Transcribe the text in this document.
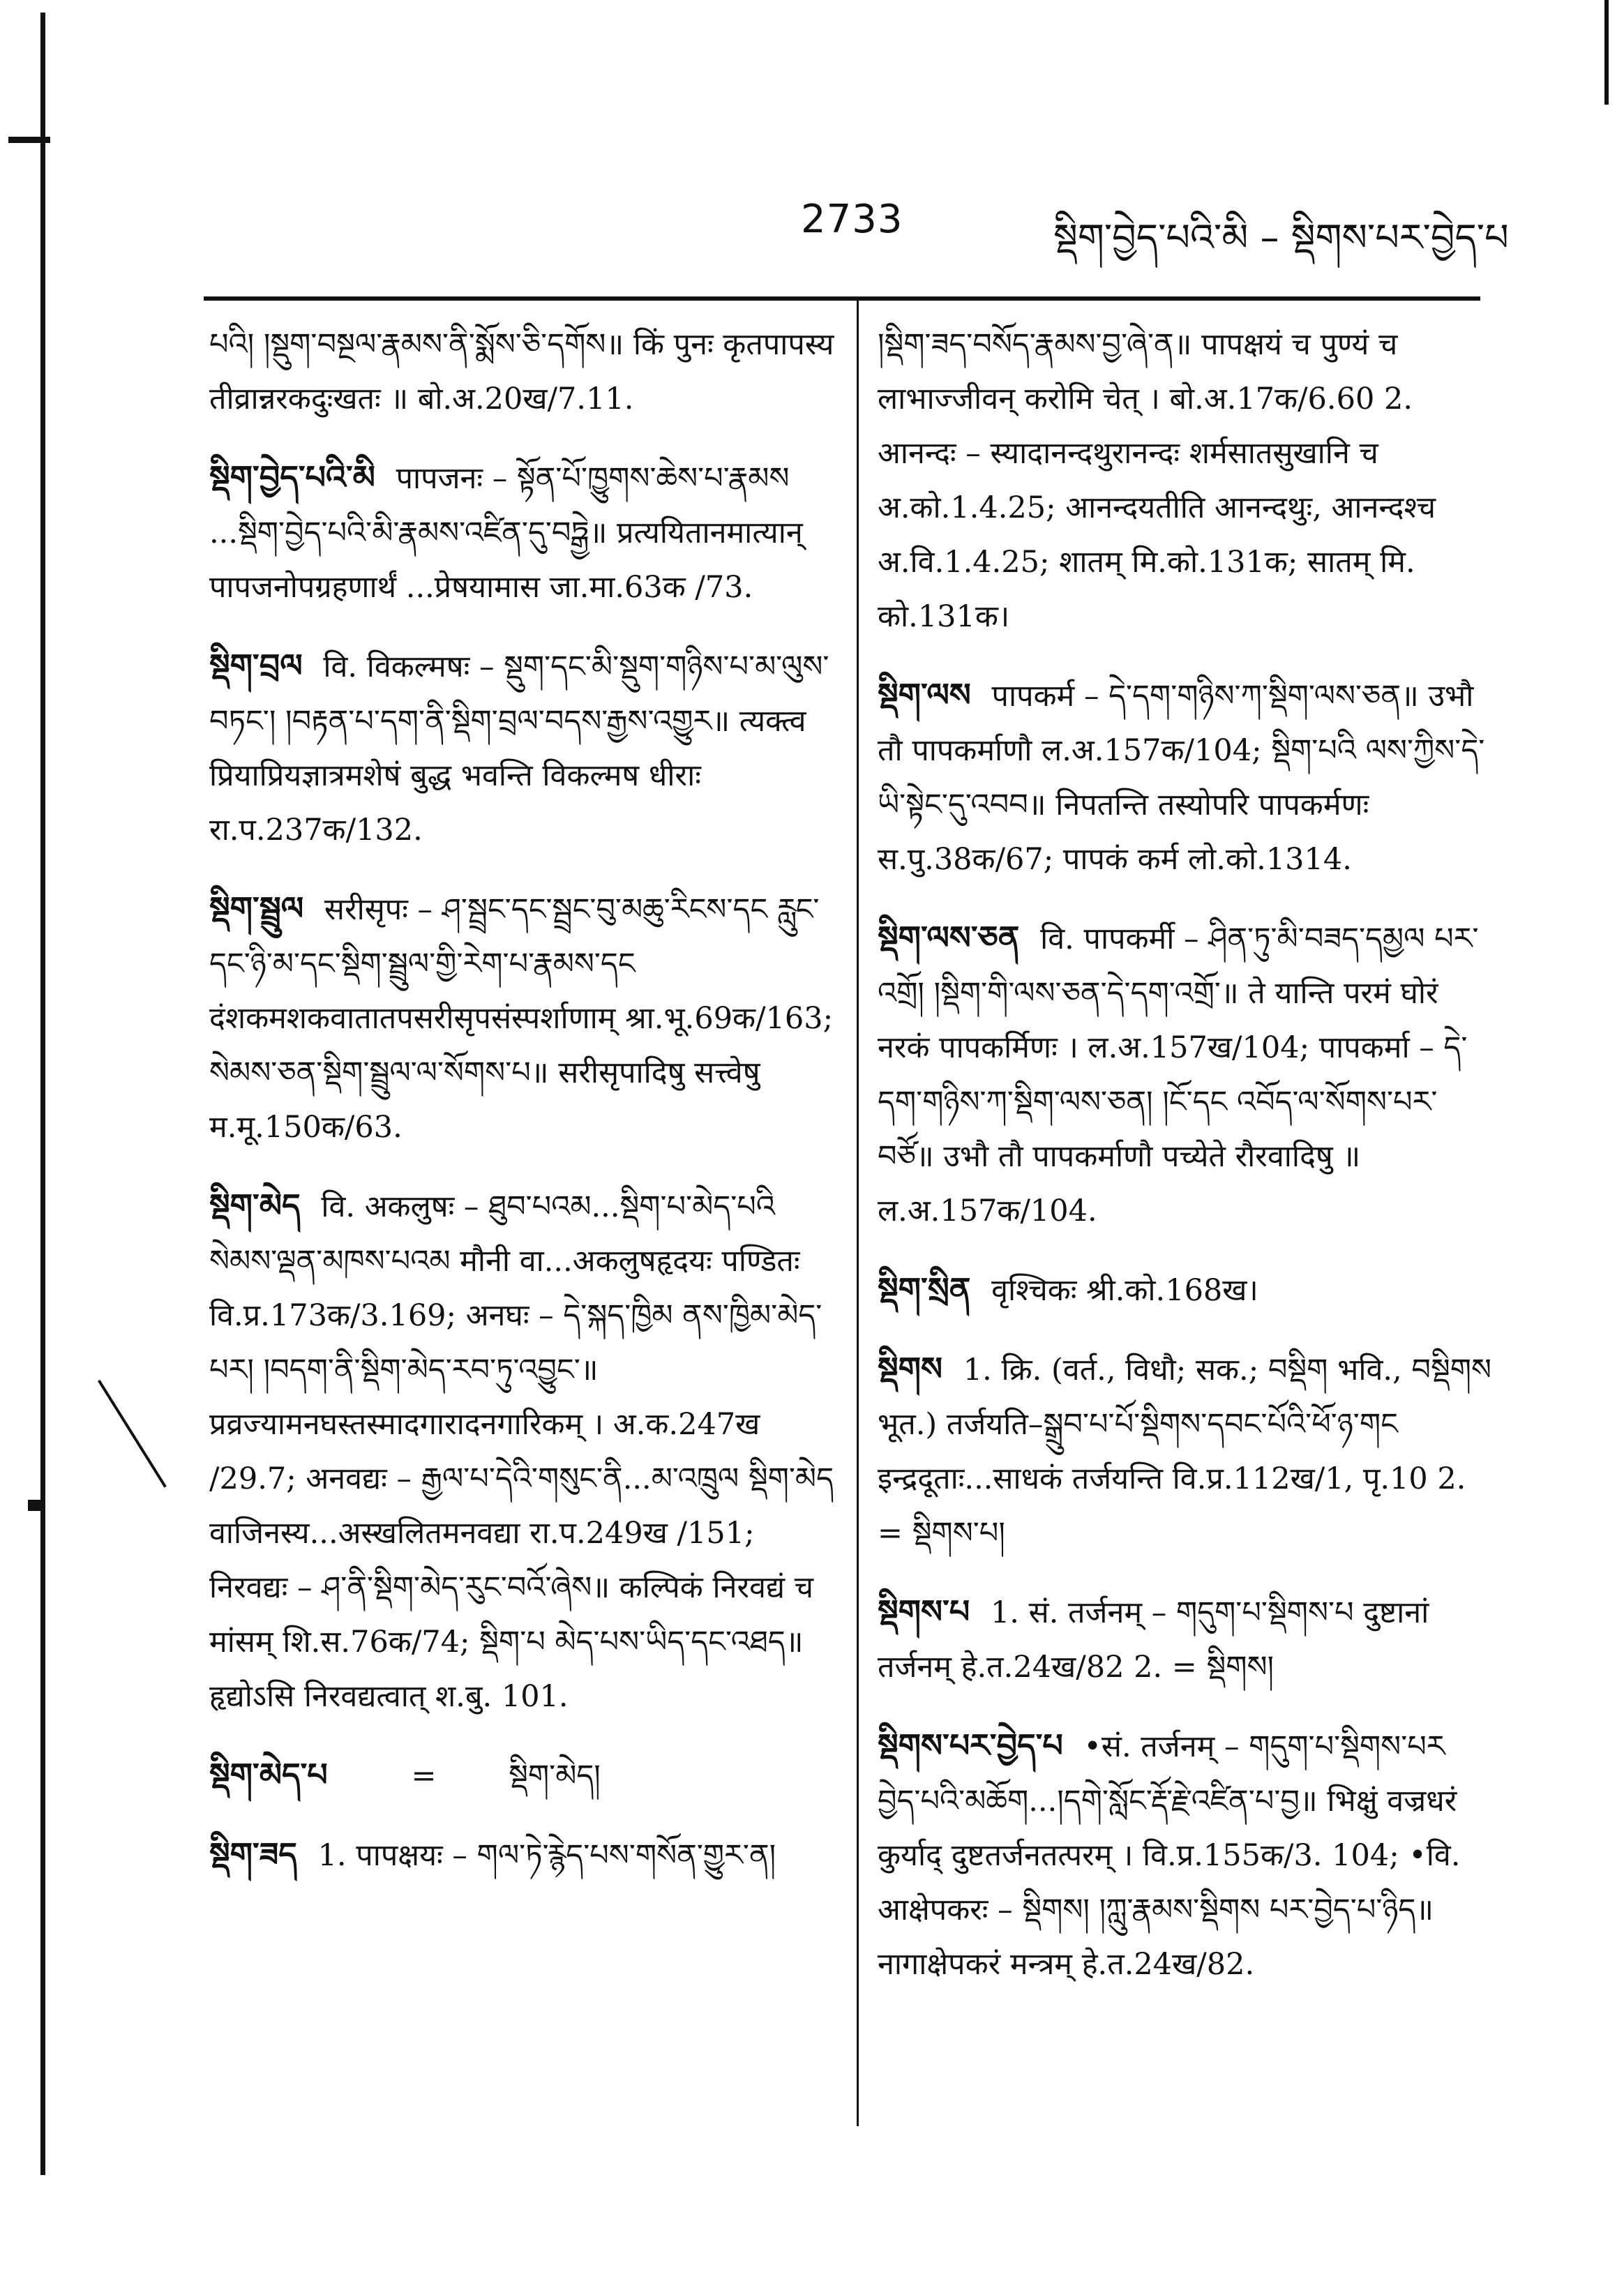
2733	སྡིག་བྱེད་པའི་མི – སྡིགས་པར་བྱེད་པ
པའི། །སྡུག་བསྔལ་རྣམས་ནི་སྨོས་ཅི་དགོས॥ किं पुनः कृतपापस्य तीव्रान्नरकदुःखतः ॥ बो.अ.20ख/7.11.
སྡིག་བྱེད་པའི་མི पापजनः – སྟོན་པོ་ཁྱུགས་ཆེས་པ་རྣམས ...སྡིག་བྱེད་པའི་མི་རྣམས་འཛིན་དུ་བཏྒྱེ॥ प्रत्ययितानमात्यान् पापजनोपग्रहणार्थं ...प्रेषयामास जा.मा.63क /73.
སྡིག་བྲལ वि. विकल्मषः – སྡུག་དང་མི་སྡུག་གཉིས་པ་མ་ལུས་བཏང་། །བརྟན་པ་དག་ནི་སྡིག་བྲལ་བདས་རྒྱས་འགྱུར॥ त्यक्त्व प्रियाप्रियज्ञात्रमशेषं बुद्ध भवन्ति विकल्मष धीराः रा.प.237क/132.
སྡིག་སྦྲུལ सरीसृपः – ཤ་སྦྲང་དང་སྦྲང་བུ་མཆུ་རིངས་དང རླུང་དང་ཉི་མ་དང་སྡིག་སྦྲུལ་གྱི་རེག་པ་རྣམས་དང दंशकमशकवातातपसरीसृपसंस्पर्शाणाम् श्रा.भू.69क/163; སེམས་ཅན་སྡིག་སྦྲུལ་ལ་སོགས་པ॥ सरीसृपादिषु सत्त्वेषु म.मू.150क/63.
སྡིག་མེད वि. अकलुषः – ཐུབ་པའམ...སྡིག་པ་མེད་པའི སེམས་ལྡན་མཁས་པའམ मौनी वा...अकलुषहृदयः पण्डितः वि.प्र.173क/3.169; अनघः – དེ་སྐད་ཁྱིམ ནས་ཁྱིམ་མེད་པར། །བདག་ནི་སྡིག་མེད་རབ་ཏུ་འབྱུང་॥ प्रव्रज्यामनघस्तस्मादगारादनगारिकम् । अ.क.247ख /29.7; अनवद्यः – རྒྱལ་པ་དེའི་གསུང་ནི...མ་འཁྲུལ སྡིག་མེད वाजिनस्य...अस्खलितमनवद्या रा.प.249ख /151; निरवद्यः – ཤ་ནི་སྡིག་མེད་རུང་བའོ་ཞེས॥ कल्पिकं निरवद्यं च मांसम् शि.स.76क/74; སྡིག་པ མེད་པས་ཡིད་དང་འཐད॥ हृद्योऽसि निरवद्यत्वात् श.बु. 101.
སྡིག་མེད་པ	= སྡིག་མེད།
སྡིག་ཟད 1. पापक्षयः – གལ་ཏེ་རྙེད་པས་གསོན་གྱུར་ན།
།སྡིག་ཟད་བསོད་རྣམས་བྱ་ཞེ་ན॥ पापक्षयं च पुण्यं च लाभाज्जीवन् करोमि चेत् । बो.अ.17क/6.60 2. आनन्दः – स्यादानन्दथुरानन्दः शर्मसातसुखानि च अ.को.1.4.25; आनन्दयतीति आनन्दथुः, आनन्दश्च अ.वि.1.4.25; शातम् मि.को.131क; सातम् मि. को.131क।
སྡིག་ལས पापकर्म – དེ་དག་གཉིས་ཀ་སྡིག་ལས་ཅན॥ उभौ तौ पापकर्माणौ ल.अ.157क/104; སྡིག་པའི ལས་ཀྱིས་དེ་ཡི་སྟེང་དུ་འབབ॥ निपतन्ति तस्योपरि पापकर्मणः स.पु.38क/67; पापकं कर्म लो.को.1314.
སྡིག་ལས་ཅན वि. पापकर्मी – ཤིན་ཏུ་མི་བཟད་དམྱལ པར་འགྲོ། །སྡིག་གི་ལས་ཅན་དེ་དག་འགྲོ་॥ ते यान्ति परमं घोरं नरकं पापकर्मिणः । ल.अ.157ख/104; पापकर्मा – དེ་དག་གཉིས་ཀ་སྡིག་ལས་ཅན། །ངོ་དང འབོད་ལ་སོགས་པར་བཙོ॥ उभौ तौ पापकर्माणौ पच्येते रौरवादिषु ॥ ल.अ.157क/104.
སྡིག་སྲིན वृश्चिकः श्री.को.168ख।
སྡིགས 1. क्रि. (वर्त., विधौ; सक.; བསྡིག भवि., བསྡིགས भूत.) तर्जयति–སྒྲུབ་པ་པོ་སྡིགས་དབང་པོའི་ཕོ་ཉ་གང इन्द्रदूताः...साधकं तर्जयन्ति वि.प्र.112ख/1, पृ.10 2. = སྡིགས་པ།
སྡིགས་པ 1. सं. तर्जनम् – གདུག་པ་སྡིགས་པ दुष्टानां तर्जनम् हे.त.24ख/82 2. = སྡིགས།
སྡིགས་པར་བྱེད་པ •सं. तर्जनम् – གདུག་པ་སྡིགས་པར བྱེད་པའི་མཆོག...།དགེ་སློང་རྡོ་རྗེ་འཛིན་པ་བྱ॥ भिक्षुं वज्रधरं कुर्याद् दुष्टतर्जनतत्परम् । वि.प्र.155क/3. 104; •वि. आक्षेपकरः – སྡིགས། །ཀླུ་རྣམས་སྡིགས པར་བྱེད་པ་ཉིད॥ नागाक्षेपकरं मन्त्रम् हे.त.24ख/82.
